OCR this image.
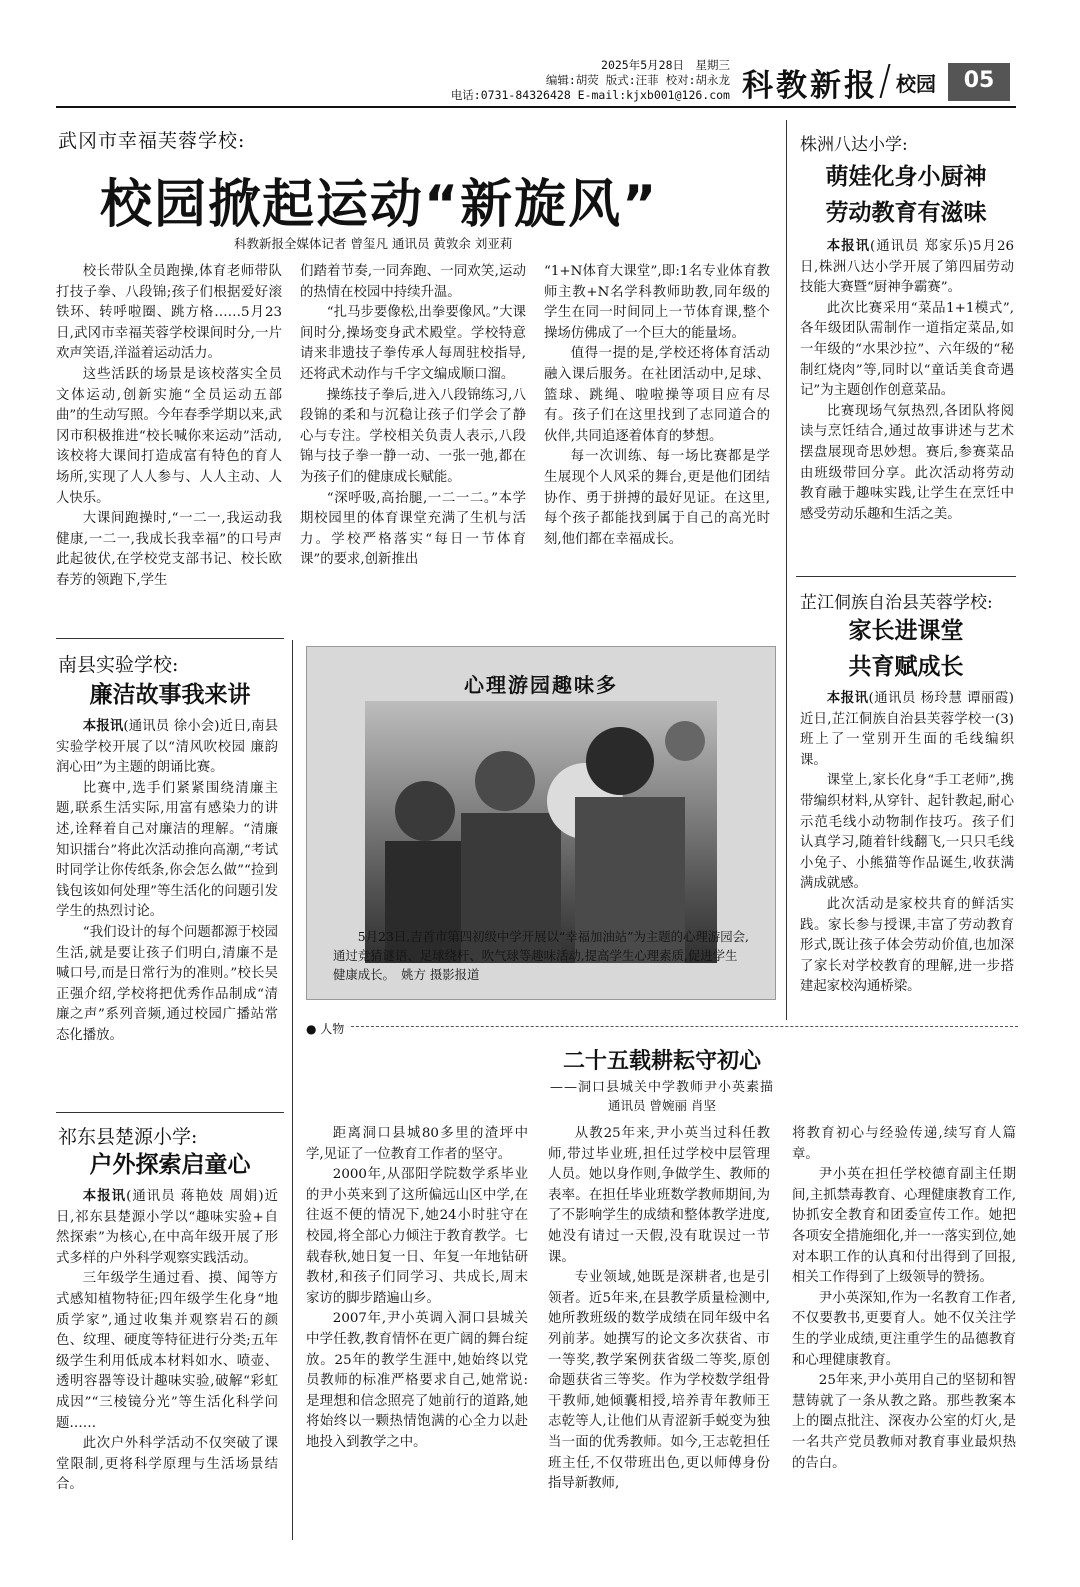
2025年5月28日　星期三
编辑:胡荧 版式:汪菲 校对:胡永龙
电话:0731-84326428 E-mail:kjxb001@126.com 科教新报 校园	05
武冈市幸福芙蓉学校:
校园掀起运动“新旋风”
科教新报全媒体记者 曾玺凡 通讯员 黄敦余 刘亚莉

校长带队全员跑操,体育老师带队打技子拳、八段锦;孩子们根据爱好滚铁环、转呼啦圈、跳方格……5月23日,武冈市幸福芙蓉学校课间时分,一片欢声笑语,洋溢着运动活力。

这些活跃的场景是该校落实全员文体运动,创新实施“全员运动五部曲”的生动写照。今年春季学期以来,武冈市积极推进“校长喊你来运动”活动,该校将大课间打造成富有特色的育人场所,实现了人人参与、人人主动、人人快乐。

大课间跑操时,“一二一,我运动我健康,一二一,我成长我幸福”的口号声此起彼伏,在学校党支部书记、校长欧春芳的领跑下,学生

们踏着节奏,一同奔跑、一同欢笑,运动的热情在校园中持续升温。

“扎马步要像松,出拳要像风。”大课间时分,操场变身武术殿堂。学校特意请来非遗技子拳传承人每周驻校指导,还将武术动作与千字文编成顺口溜。

操练技子拳后,进入八段锦练习,八段锦的柔和与沉稳让孩子们学会了静心与专注。学校相关负责人表示,八段锦与技子拳一静一动、一张一弛,都在为孩子们的健康成长赋能。

“深呼吸,高抬腿,一二一二。”本学期校园里的体育课堂充满了生机与活力。学校严格落实“每日一节体育课”的要求,创新推出

“1+N体育大课堂”,即:1名专业体育教师主教+N名学科教师助教,同年级的学生在同一时间同上一节体育课,整个操场仿佛成了一个巨大的能量场。

值得一提的是,学校还将体育活动融入课后服务。在社团活动中,足球、篮球、跳绳、啦啦操等项目应有尽有。孩子们在这里找到了志同道合的伙伴,共同追逐着体育的梦想。

每一次训练、每一场比赛都是学生展现个人风采的舞台,更是他们团结协作、勇于拼搏的最好见证。在这里,每个孩子都能找到属于自己的高光时刻,他们都在幸福成长。

株洲八达小学:
萌娃化身小厨神
劳动教育有滋味

本报讯(通讯员 郑家乐)5月26日,株洲八达小学开展了第四届劳动技能大赛暨“厨神争霸赛”。

此次比赛采用“菜品1+1模式”,各年级团队需制作一道指定菜品,如一年级的“水果沙拉”、六年级的“秘制红烧肉”等,同时以“童话美食奇遇记”为主题创作创意菜品。

比赛现场气氛热烈,各团队将阅读与烹饪结合,通过故事讲述与艺术摆盘展现奇思妙想。赛后,参赛菜品由班级带回分享。此次活动将劳动教育融于趣味实践,让学生在烹饪中感受劳动乐趣和生活之美。

芷江侗族自治县芙蓉学校:
家长进课堂
共育赋成长

本报讯(通讯员 杨玲慧 谭丽霞)近日,芷江侗族自治县芙蓉学校一(3)班上了一堂别开生面的毛线编织课。

课堂上,家长化身“手工老师”,携带编织材料,从穿针、起针教起,耐心示范毛线小动物制作技巧。孩子们认真学习,随着针线翻飞,一只只毛线小兔子、小熊猫等作品诞生,收获满满成就感。

此次活动是家校共育的鲜活实践。家长参与授课,丰富了劳动教育形式,既让孩子体会劳动价值,也加深了家长对学校教育的理解,进一步搭建起家校沟通桥梁。

南县实验学校:
廉洁故事我来讲

本报讯(通讯员 徐小会)近日,南县实验学校开展了以“清风吹校园 廉韵润心田”为主题的朗诵比赛。

比赛中,选手们紧紧围绕清廉主题,联系生活实际,用富有感染力的讲述,诠释着自己对廉洁的理解。“清廉知识擂台”将此次活动推向高潮,“考试时同学让你传纸条,你会怎么做”“捡到钱包该如何处理”等生活化的问题引发学生的热烈讨论。

“我们设计的每个问题都源于校园生活,就是要让孩子们明白,清廉不是喊口号,而是日常行为的准则。”校长吴正强介绍,学校将把优秀作品制成“清廉之声”系列音频,通过校园广播站常态化播放。

心理游园趣味多

5月23日,吉首市第四初级中学开展以“幸福加油站”为主题的心理游园会,通过竞猜谜语、足球绕杆、吹气球等趣味活动,提高学生心理素质,促进学生健康成长。　姚方 摄影报道

祁东县楚源小学:
户外探索启童心

本报讯(通讯员 蒋艳妓 周娟)近日,祁东县楚源小学以“趣味实验+自然探索”为核心,在中高年级开展了形式多样的户外科学观察实践活动。

三年级学生通过看、摸、闻等方式感知植物特征;四年级学生化身“地质学家”,通过收集并观察岩石的颜色、纹理、硬度等特征进行分类;五年级学生利用低成本材料如水、喷壶、透明容器等设计趣味实验,破解“彩虹成因”“三棱镜分光”等生活化科学问题……

此次户外科学活动不仅突破了课堂限制,更将科学原理与生活场景结合。

● 人物
二十五载耕耘守初心
——洞口县城关中学教师尹小英素描
通讯员 曾婉丽 肖坚

距离洞口县城80多里的渣坪中学,见证了一位教育工作者的坚守。

2000年,从邵阳学院数学系毕业的尹小英来到了这所偏远山区中学,在往返不便的情况下,她24小时驻守在校园,将全部心力倾注于教育教学。七载春秋,她日复一日、年复一年地钻研教材,和孩子们同学习、共成长,周末家访的脚步踏遍山乡。

2007年,尹小英调入洞口县城关中学任教,教育情怀在更广阔的舞台绽放。25年的教学生涯中,她始终以党员教师的标准严格要求自己,她常说:是理想和信念照亮了她前行的道路,她将始终以一颗热情饱满的心全力以赴地投入到教学之中。

从教25年来,尹小英当过科任教师,带过毕业班,担任过学校中层管理人员。她以身作则,争做学生、教师的表率。在担任毕业班数学教师期间,为了不影响学生的成绩和整体教学进度,她没有请过一天假,没有耽误过一节课。

专业领域,她既是深耕者,也是引领者。近5年来,在县教学质量检测中,她所教班级的数学成绩在同年级中名列前茅。她撰写的论文多次获省、市一等奖,教学案例获省级二等奖,原创命题获省三等奖。作为学校数学组骨干教师,她倾囊相授,培养青年教师王志乾等人,让他们从青涩新手蜕变为独当一面的优秀教师。如今,王志乾担任班主任,不仅带班出色,更以师傅身份指导新教师,

将教育初心与经验传递,续写育人篇章。

尹小英在担任学校德育副主任期间,主抓禁毒教育、心理健康教育工作,协抓安全教育和团委宣传工作。她把各项安全措施细化,并一一落实到位,她对本职工作的认真和付出得到了回报,相关工作得到了上级领导的赞扬。

尹小英深知,作为一名教育工作者,不仅要教书,更要育人。她不仅关注学生的学业成绩,更注重学生的品德教育和心理健康教育。

25年来,尹小英用自己的坚韧和智慧铸就了一条从教之路。那些教案本上的圈点批注、深夜办公室的灯火,是一名共产党员教师对教育事业最炽热的告白。
